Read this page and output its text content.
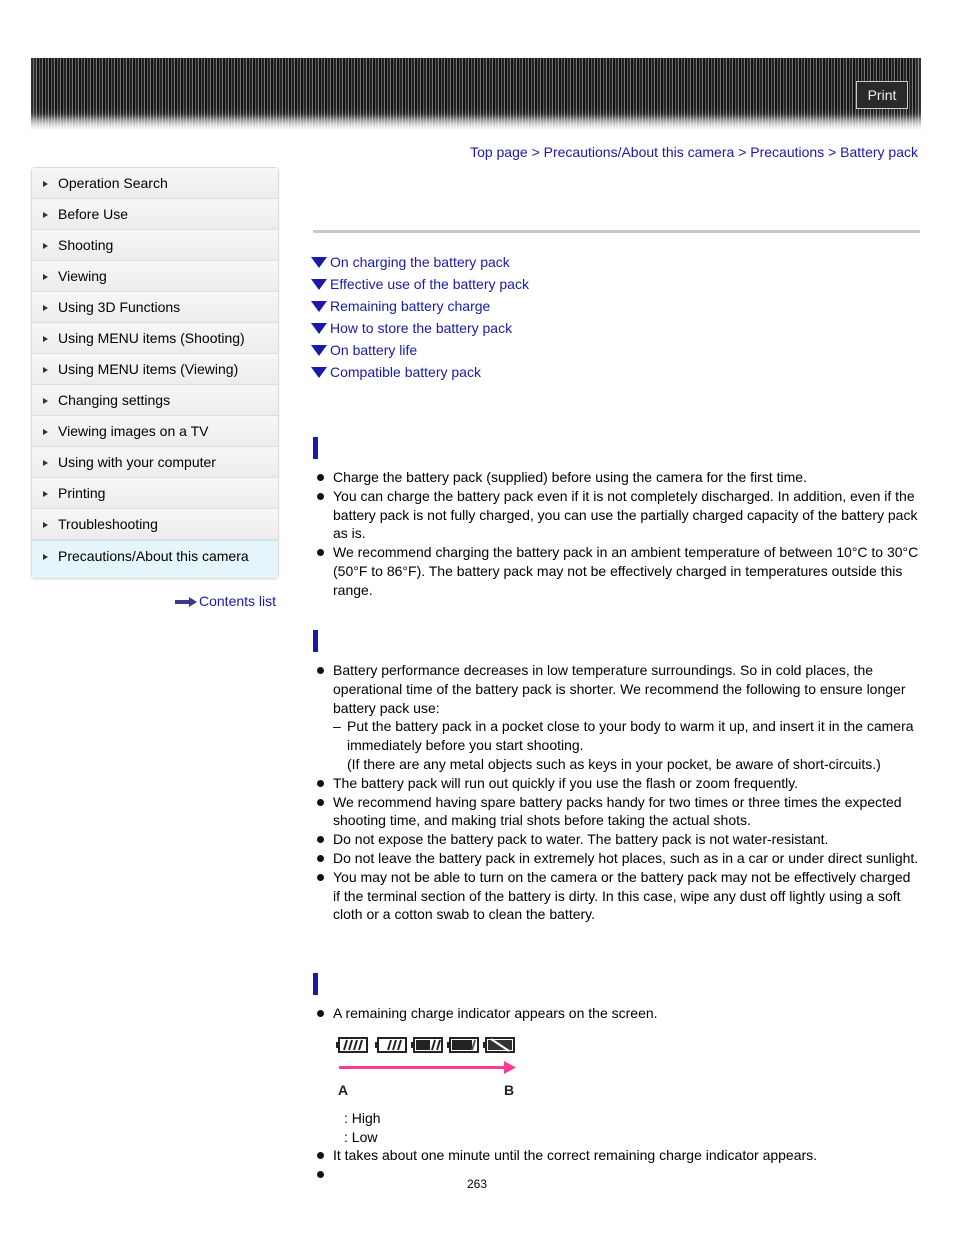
Print
Top page > Precautions/About this camera > Precautions > Battery pack
Operation Search
Before Use
Shooting
Viewing
Using 3D Functions
Using MENU items (Shooting)
Using MENU items (Viewing)
Changing settings
Viewing images on a TV
Using with your computer
Printing
Troubleshooting
Precautions/About this camera
Contents list
On charging the battery pack
Effective use of the battery pack
Remaining battery charge
How to store the battery pack
On battery life
Compatible battery pack
Charge the battery pack (supplied) before using the camera for the first time.
You can charge the battery pack even if it is not completely discharged. In addition, even if the battery pack is not fully charged, you can use the partially charged capacity of the battery pack as is.
We recommend charging the battery pack in an ambient temperature of between 10°C to 30°C (50°F to 86°F). The battery pack may not be effectively charged in temperatures outside this range.
Battery performance decreases in low temperature surroundings. So in cold places, the operational time of the battery pack is shorter. We recommend the following to ensure longer battery pack use:
– Put the battery pack in a pocket close to your body to warm it up, and insert it in the camera immediately before you start shooting.
(If there are any metal objects such as keys in your pocket, be aware of short-circuits.)
The battery pack will run out quickly if you use the flash or zoom frequently.
We recommend having spare battery packs handy for two times or three times the expected shooting time, and making trial shots before taking the actual shots.
Do not expose the battery pack to water. The battery pack is not water-resistant.
Do not leave the battery pack in extremely hot places, such as in a car or under direct sunlight.
You may not be able to turn on the camera or the battery pack may not be effectively charged if the terminal section of the battery is dirty. In this case, wipe any dust off lightly using a soft cloth or a cotton swab to clean the battery.
A remaining charge indicator appears on the screen.
A	B
: High
: Low
It takes about one minute until the correct remaining charge indicator appears.
263
